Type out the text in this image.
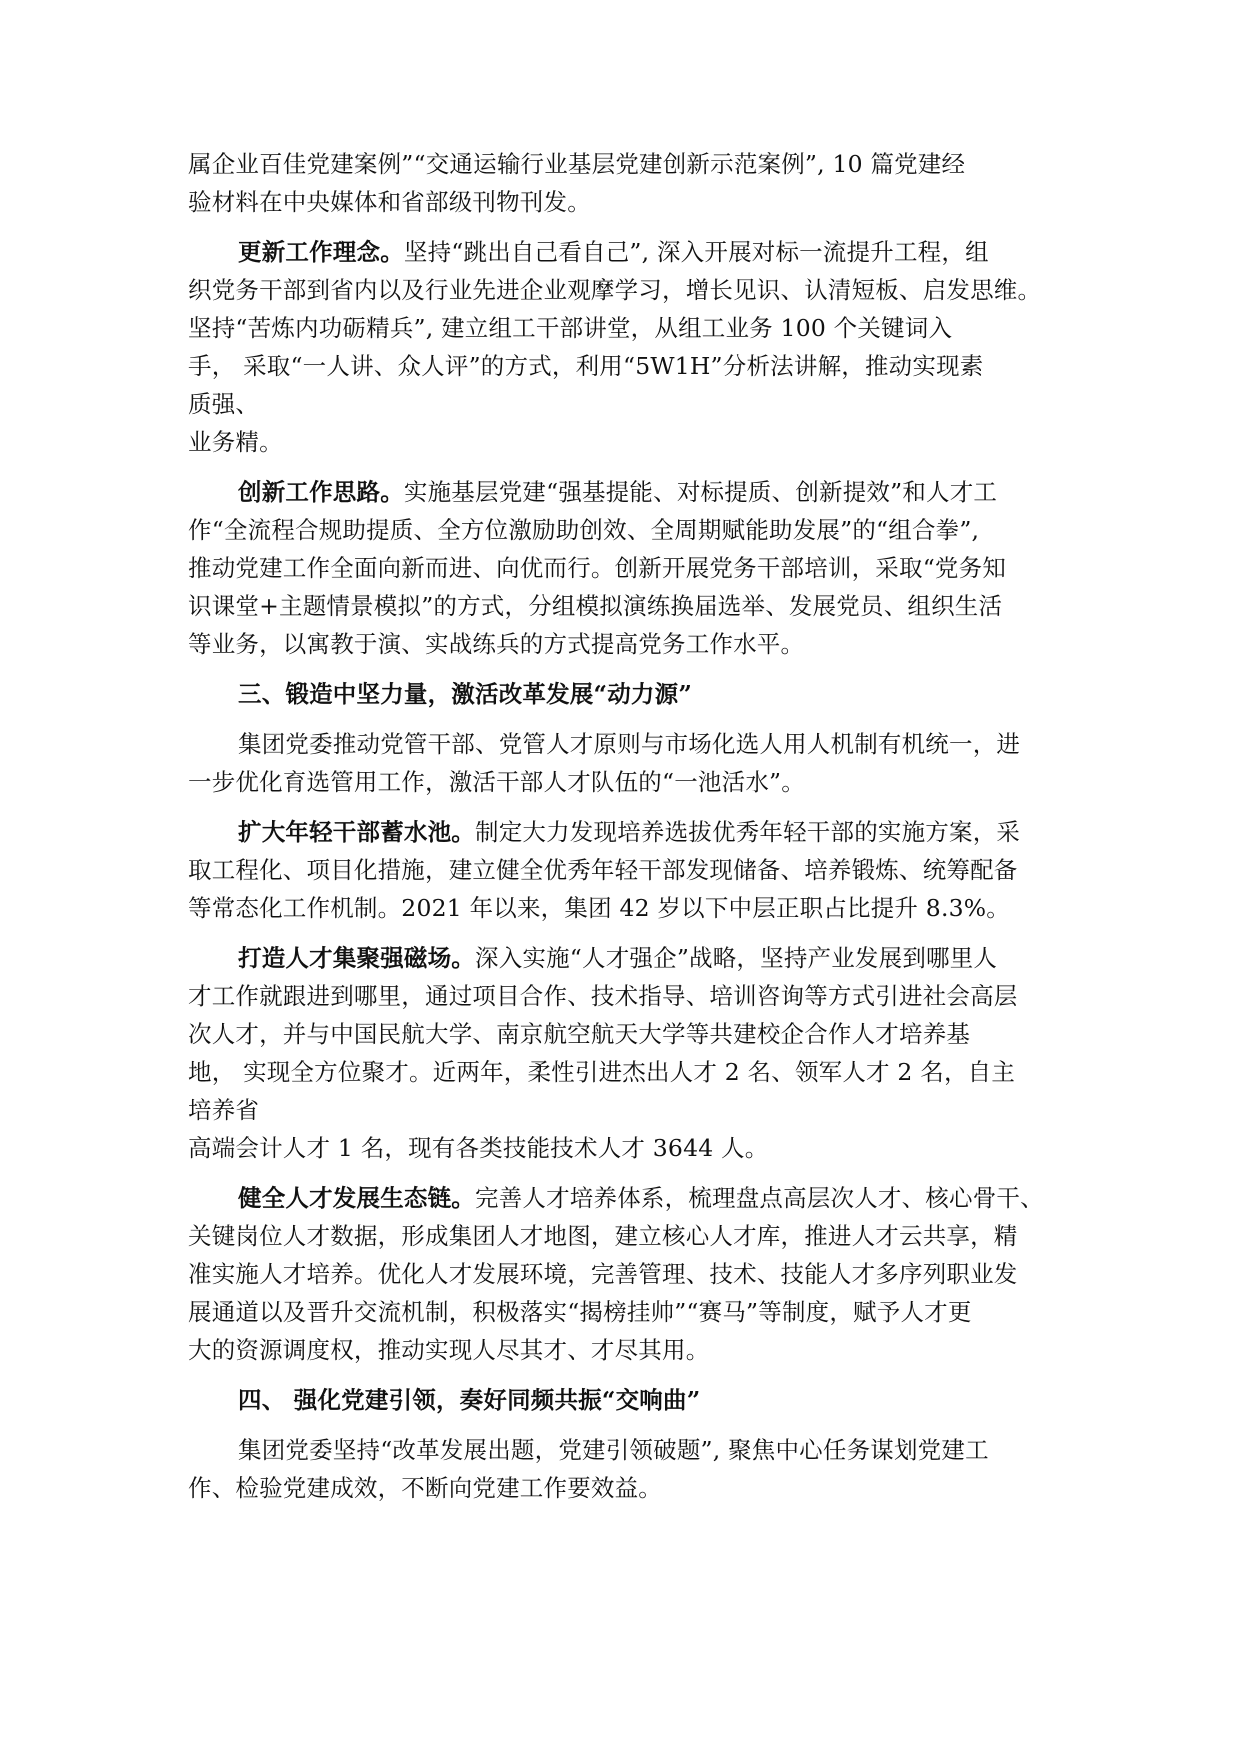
属企业百佳党建案例”“交通运输行业基层党建创新示范案例”, 10 篇党建经
验材料在中央媒体和省部级刊物刊发。
更新工作理念。坚持“跳出自己看自己”, 深入开展对标一流提升工程，组
织党务干部到省内以及行业先进企业观摩学习，增长见识、认清短板、启发思维。
坚持“苦炼内功砺精兵”, 建立组工干部讲堂，从组工业务 100 个关键词入
手， 采取“一人讲、众人评”的方式，利用“5W1H”分析法讲解，推动实现素
质强、
业务精。
创新工作思路。实施基层党建“强基提能、对标提质、创新提效”和人才工
作“全流程合规助提质、全方位激励助创效、全周期赋能助发展”的“组合拳”,
推动党建工作全面向新而进、向优而行。创新开展党务干部培训，采取“党务知
识课堂+主题情景模拟”的方式，分组模拟演练换届选举、发展党员、组织生活
等业务，以寓教于演、实战练兵的方式提高党务工作水平。
三、锻造中坚力量，激活改革发展“动力源”
集团党委推动党管干部、党管人才原则与市场化选人用人机制有机统一，进
一步优化育选管用工作，激活干部人才队伍的“一池活水”。
扩大年轻干部蓄水池。制定大力发现培养选拔优秀年轻干部的实施方案，采
取工程化、项目化措施，建立健全优秀年轻干部发现储备、培养锻炼、统筹配备
等常态化工作机制。2021 年以来，集团 42 岁以下中层正职占比提升 8.3%。
打造人才集聚强磁场。深入实施“人才强企”战略，坚持产业发展到哪里人
才工作就跟进到哪里，通过项目合作、技术指导、培训咨询等方式引进社会高层
次人才，并与中国民航大学、南京航空航天大学等共建校企合作人才培养基
地， 实现全方位聚才。近两年，柔性引进杰出人才 2 名、领军人才 2 名，自主
培养省
高端会计人才 1 名，现有各类技能技术人才 3644 人。
健全人才发展生态链。完善人才培养体系，梳理盘点高层次人才、核心骨干、
关键岗位人才数据，形成集团人才地图，建立核心人才库，推进人才云共享，精
准实施人才培养。优化人才发展环境，完善管理、技术、技能人才多序列职业发
展通道以及晋升交流机制，积极落实“揭榜挂帅”“赛马”等制度，赋予人才更
大的资源调度权，推动实现人尽其才、才尽其用。
四、 强化党建引领，奏好同频共振“交响曲”
集团党委坚持“改革发展出题，党建引领破题”, 聚焦中心任务谋划党建工
作、检验党建成效，不断向党建工作要效益。
